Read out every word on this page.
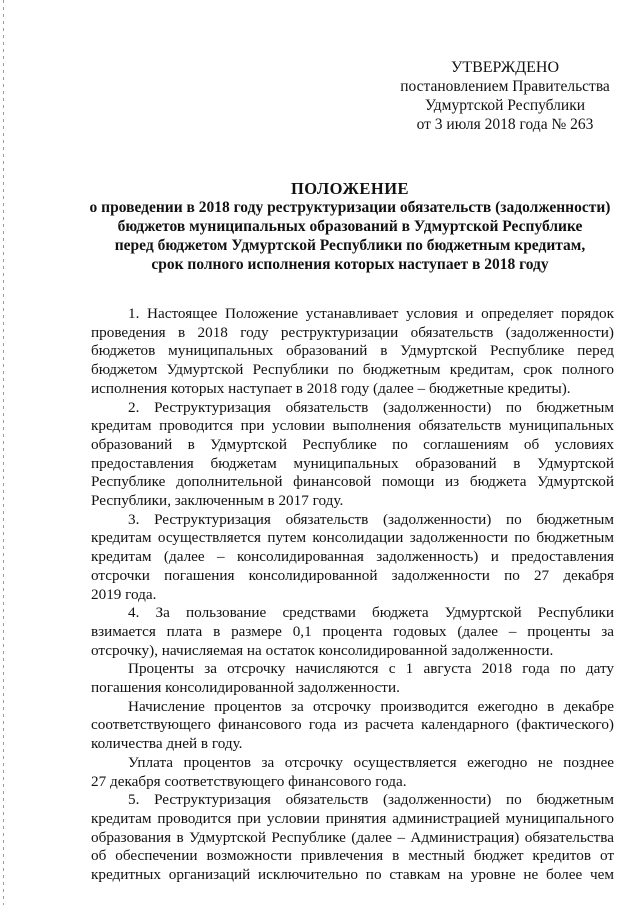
УТВЕРЖДЕНО
постановлением Правительства
Удмуртской Республики
от 3 июля 2018 года № 263
ПОЛОЖЕНИЕ
о проведении в 2018 году реструктуризации обязательств (задолженности)
бюджетов муниципальных образований в Удмуртской Республике
перед бюджетом Удмуртской Республики по бюджетным кредитам,
срок полного исполнения которых наступает в 2018 году
1. Настоящее Положение устанавливает условия и определяет порядок
проведения в 2018 году реструктуризации обязательств (задолженности)
бюджетов муниципальных образований в Удмуртской Республике перед
бюджетом Удмуртской Республики по бюджетным кредитам, срок полного
исполнения которых наступает в 2018 году (далее – бюджетные кредиты).
2. Реструктуризация обязательств (задолженности) по бюджетным
кредитам проводится при условии выполнения обязательств муниципальных
образований в Удмуртской Республике по соглашениям об условиях
предоставления бюджетам муниципальных образований в Удмуртской
Республике дополнительной финансовой помощи из бюджета Удмуртской
Республики, заключенным в 2017 году.
3. Реструктуризация обязательств (задолженности) по бюджетным
кредитам осуществляется путем консолидации задолженности по бюджетным
кредитам (далее – консолидированная задолженность) и предоставления
отсрочки погашения консолидированной задолженности по 27 декабря
2019 года.
4. За пользование средствами бюджета Удмуртской Республики
взимается плата в размере 0,1 процента годовых (далее – проценты за
отсрочку), начисляемая на остаток консолидированной задолженности.
Проценты за отсрочку начисляются с 1 августа 2018 года по дату
погашения консолидированной задолженности.
Начисление процентов за отсрочку производится ежегодно в декабре
соответствующего финансового года из расчета календарного (фактического)
количества дней в году.
Уплата процентов за отсрочку осуществляется ежегодно не позднее
27 декабря соответствующего финансового года.
5. Реструктуризация обязательств (задолженности) по бюджетным
кредитам проводится при условии принятия администрацией муниципального
образования в Удмуртской Республике (далее – Администрация) обязательства
об обеспечении возможности привлечения в местный бюджет кредитов от
кредитных организаций исключительно по ставкам на уровне не более чем
